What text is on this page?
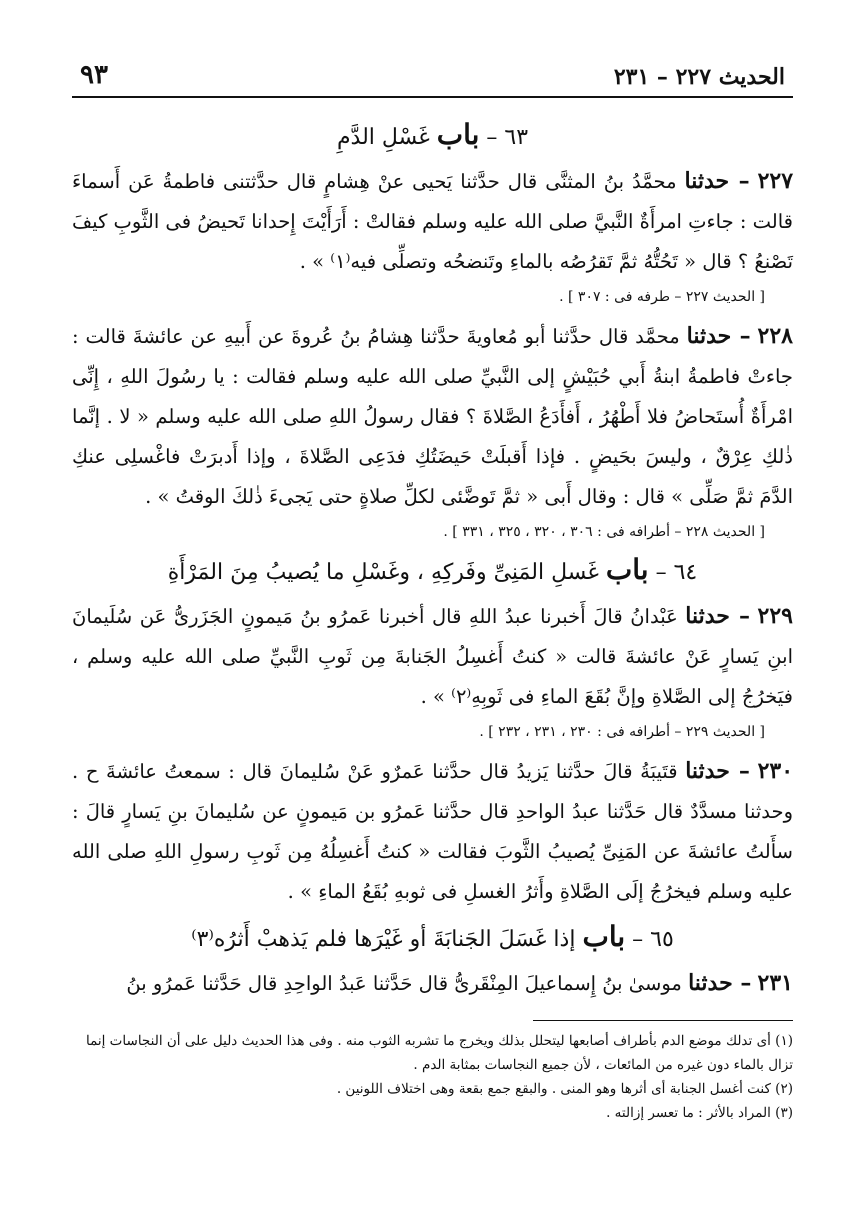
الحديث ٢٢٧ – ٢٣١
٩٣
٦٣ – باب غَسْلِ الدَّمِ

٢٢٧ – حدثنا محمَّدُ بنُ المثنَّى قال حدَّثنا يَحيى عنْ هِشامٍ قال حدَّثتنى فاطمةُ عَن أَسماءَ قالت : جاءتِ امرأَةٌ النَّبيَّ صلى الله عليه وسلم فقالتْ : أَرَأَيْتَ إِحدانا تَحيضُ فى الثَّوبِ كيفَ تَصْنعُ ؟ قال « تَحُتُّهُ ثمَّ تَقرُصُه بالماءِ وتَنضحُه وتصلِّى فيه⁽١⁾ » .

[ الحديث ٢٢٧ – طرفه فى : ٣٠٧ ] .

٢٢٨ – حدثنا محمَّد قال حدَّثنا أبو مُعاويةَ حدَّثنا هِشامُ بنُ عُروةَ عن أَبيهِ عن عائشةَ قالت : جاءتْ فاطمةُ ابنةُ أَبي حُبَيْشٍ إلى النَّبيِّ صلى الله عليه وسلم فقالت : يا رسُولَ اللهِ ، إِنِّى امْرأَةٌ أُستَحاضُ فلا أَطْهُرُ ، أَفأَدَعُ الصَّلاةَ ؟ فقال رسولُ اللهِ صلى الله عليه وسلم « لا . إنَّما ذٰلكِ عِرْقٌ ، وليسَ بحَيضٍ . فإذا أَقبلَتْ حَيضَتُكِ فدَعِى الصَّلاةَ ، وإذا أَدبرَتْ فاغْسلِى عنكِ الدَّمَ ثمَّ صَلِّى » قال : وقال أَبى « ثمَّ تَوضَّئى لكلِّ صلاةٍ حتى يَجىءَ ذٰلكَ الوقتُ » .

[ الحديث ٢٢٨ – أطرافه فى : ٣٠٦ ، ٣٢٠ ، ٣٢٥ ، ٣٣١ ] .
٦٤ – باب غَسلِ المَنِىِّ وفَركِهِ ، وغَسْلِ ما يُصيبُ مِنَ المَرْأَةِ

٢٢٩ – حدثنا عَبْدانُ قالَ أَخبرنا عبدُ اللهِ قال أخبرنا عَمرُو بنُ مَيمونٍ الجَزَرىُّ عَن سُلَيمانَ ابنِ يَسارٍ عَنْ عائشةَ قالت « كنتُ أَغسِلُ الجَنابةَ مِن ثَوبِ النَّبيِّ صلى الله عليه وسلم ، فيَخرُجُ إلى الصَّلاةِ وإنَّ بُقَعَ الماءِ فى ثَوبِهِ⁽٢⁾ » .

[ الحديث ٢٢٩ – أطرافه فى : ٢٣٠ ، ٢٣١ ، ٢٣٢ ] .

٢٣٠ – حدثنا قتَيبَةُ قالَ حدَّثنا يَزيدُ قال حدَّثنا عَمرٌو عَنْ سُليمانَ قال : سمعتُ عائشةَ ح . وحدثنا مسدَّدٌ قال حَدَّثنا عبدُ الواحدِ قال حدَّثنا عَمرُو بن مَيمونٍ عن سُليمانَ بنِ يَسارٍ قالَ : سأَلتُ عائشةَ عن المَنِىِّ يُصيبُ الثَّوبَ فقالت « كنتُ أَغسِلُهُ مِن ثَوبِ رسولِ اللهِ صلى الله عليه وسلم فيخرُجُ إلَى الصَّلاةِ وأَثرُ الغسلِ فى ثوبهِ بُقَعُ الماءِ » .

٦٥ – باب إذا غَسَلَ الجَنابَةَ أو غَيْرَها فلم يَذهبْ أَثرُه⁽٣⁾

٢٣١ – حدثنا موسىٰ بنُ إِسماعيلَ المِنْقَرىُّ قال حَدَّثنا عَبدُ الواحِدِ قال حَدَّثنا عَمرُو بنُ

(١) أى تدلك موضع الدم بأطراف أصابعها ليتحلل بذلك ويخرج ما تشربه الثوب منه . وفى هذا الحديث دليل على أن النجاسات إنما تزال بالماء دون غيره من المائعات ، لأن جميع النجاسات بمثابة الدم .

(٢) كنت أغسل الجنابة أى أثرها وهو المنى . والبقع جمع بقعة وهى اختلاف اللونين .

(٣) المراد بالأثر : ما تعسر إزالته .
